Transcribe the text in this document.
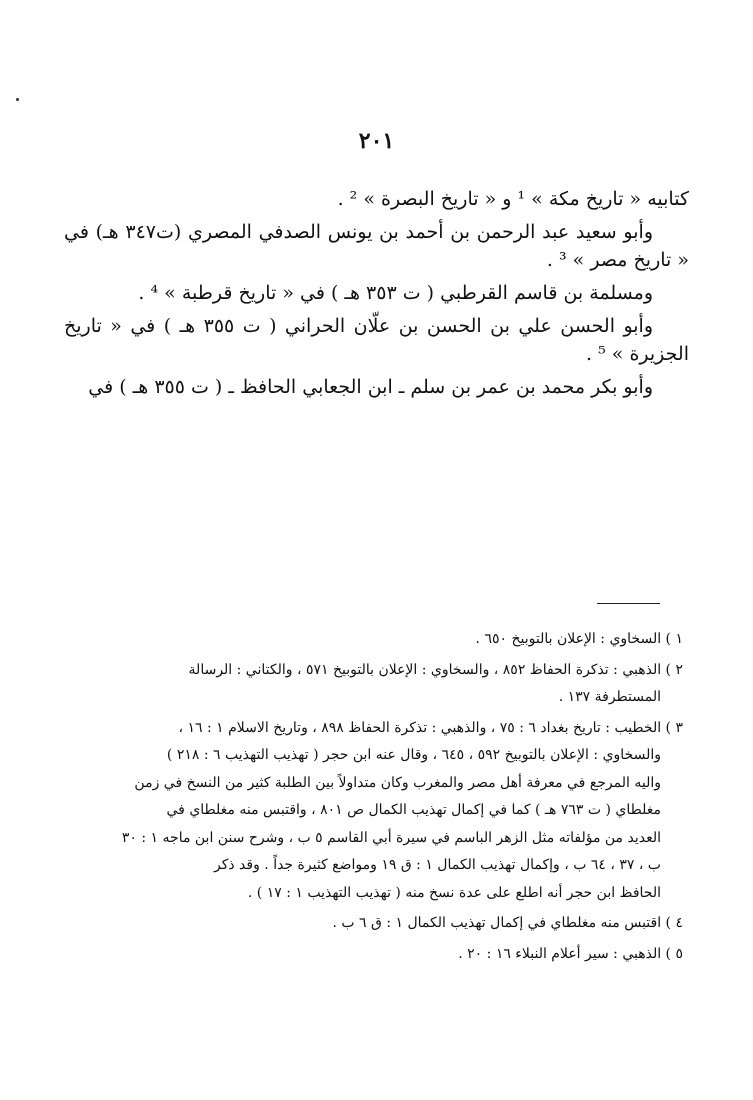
٢٠١

كتابيه « تاريخ مكة » ¹ و « تاريخ البصرة » ² .

وأبو سعيد عبد الرحمن بن أحمد بن يونس الصدفي المصري (ت٣٤٧ هـ) في « تاريخ مصر » ³ .

ومسلمة بن قاسم القرطبي ( ت ٣٥٣ هـ ) في « تاريخ قرطبة » ⁴ .

وأبو الحسن علي بن الحسن بن علّان الحراني ( ت ٣٥٥ هـ ) في « تاريخ الجزيرة » ⁵ .

وأبو بكر محمد بن عمر بن سلم ـ ابن الجعابي الحافظ ـ ( ت ٣٥٥ هـ ) في

١ ) السخاوي : الإعلان بالتوبيخ ٦٥٠ .
٢ ) الذهبي : تذكرة الحفاظ ٨٥٢ ، والسخاوي : الإعلان بالتوبيخ ٥٧١ ، والكتاني : الرسالة
المستطرفة ١٣٧ .
٣ ) الخطيب : تاريخ بغداد ٦ : ٧٥ ، والذهبي : تذكرة الحفاظ ٨٩٨ ، وتاريخ الاسلام ١ : ١٦ ،
والسخاوي : الإعلان بالتوبيخ ٥٩٢ ، ٦٤٥ ، وقال عنه ابن حجر ( تهذيب التهذيب ٦ : ٢١٨ )
واليه المرجع في معرفة أهل مصر والمغرب وكان متداولاً بين الطلبة كثير من النسخ في زمن
مغلطاي ( ت ٧٦٣ هـ ) كما في إكمال تهذيب الكمال ص ٨٠١ ، واقتبس منه مغلطاي في
العديد من مؤلفاته مثل الزهر الباسم في سيرة أبي القاسم ٥ ب ، وشرح سنن ابن ماجه ١ : ٣٠
ب ، ٣٧ ، ٦٤ ب ، وإكمال تهذيب الكمال ١ : ق ١٩ ومواضع كثيرة جداً . وقد ذكر
الحافظ ابن حجر أنه اطلع على عدة نسخ منه ( تهذيب التهذيب ١ : ١٧ ) .
٤ ) اقتبس منه مغلطاي في إكمال تهذيب الكمال ١ : ق ٦ ب .
٥ ) الذهبي : سير أعلام النبلاء ١٦ : ٢٠ .
